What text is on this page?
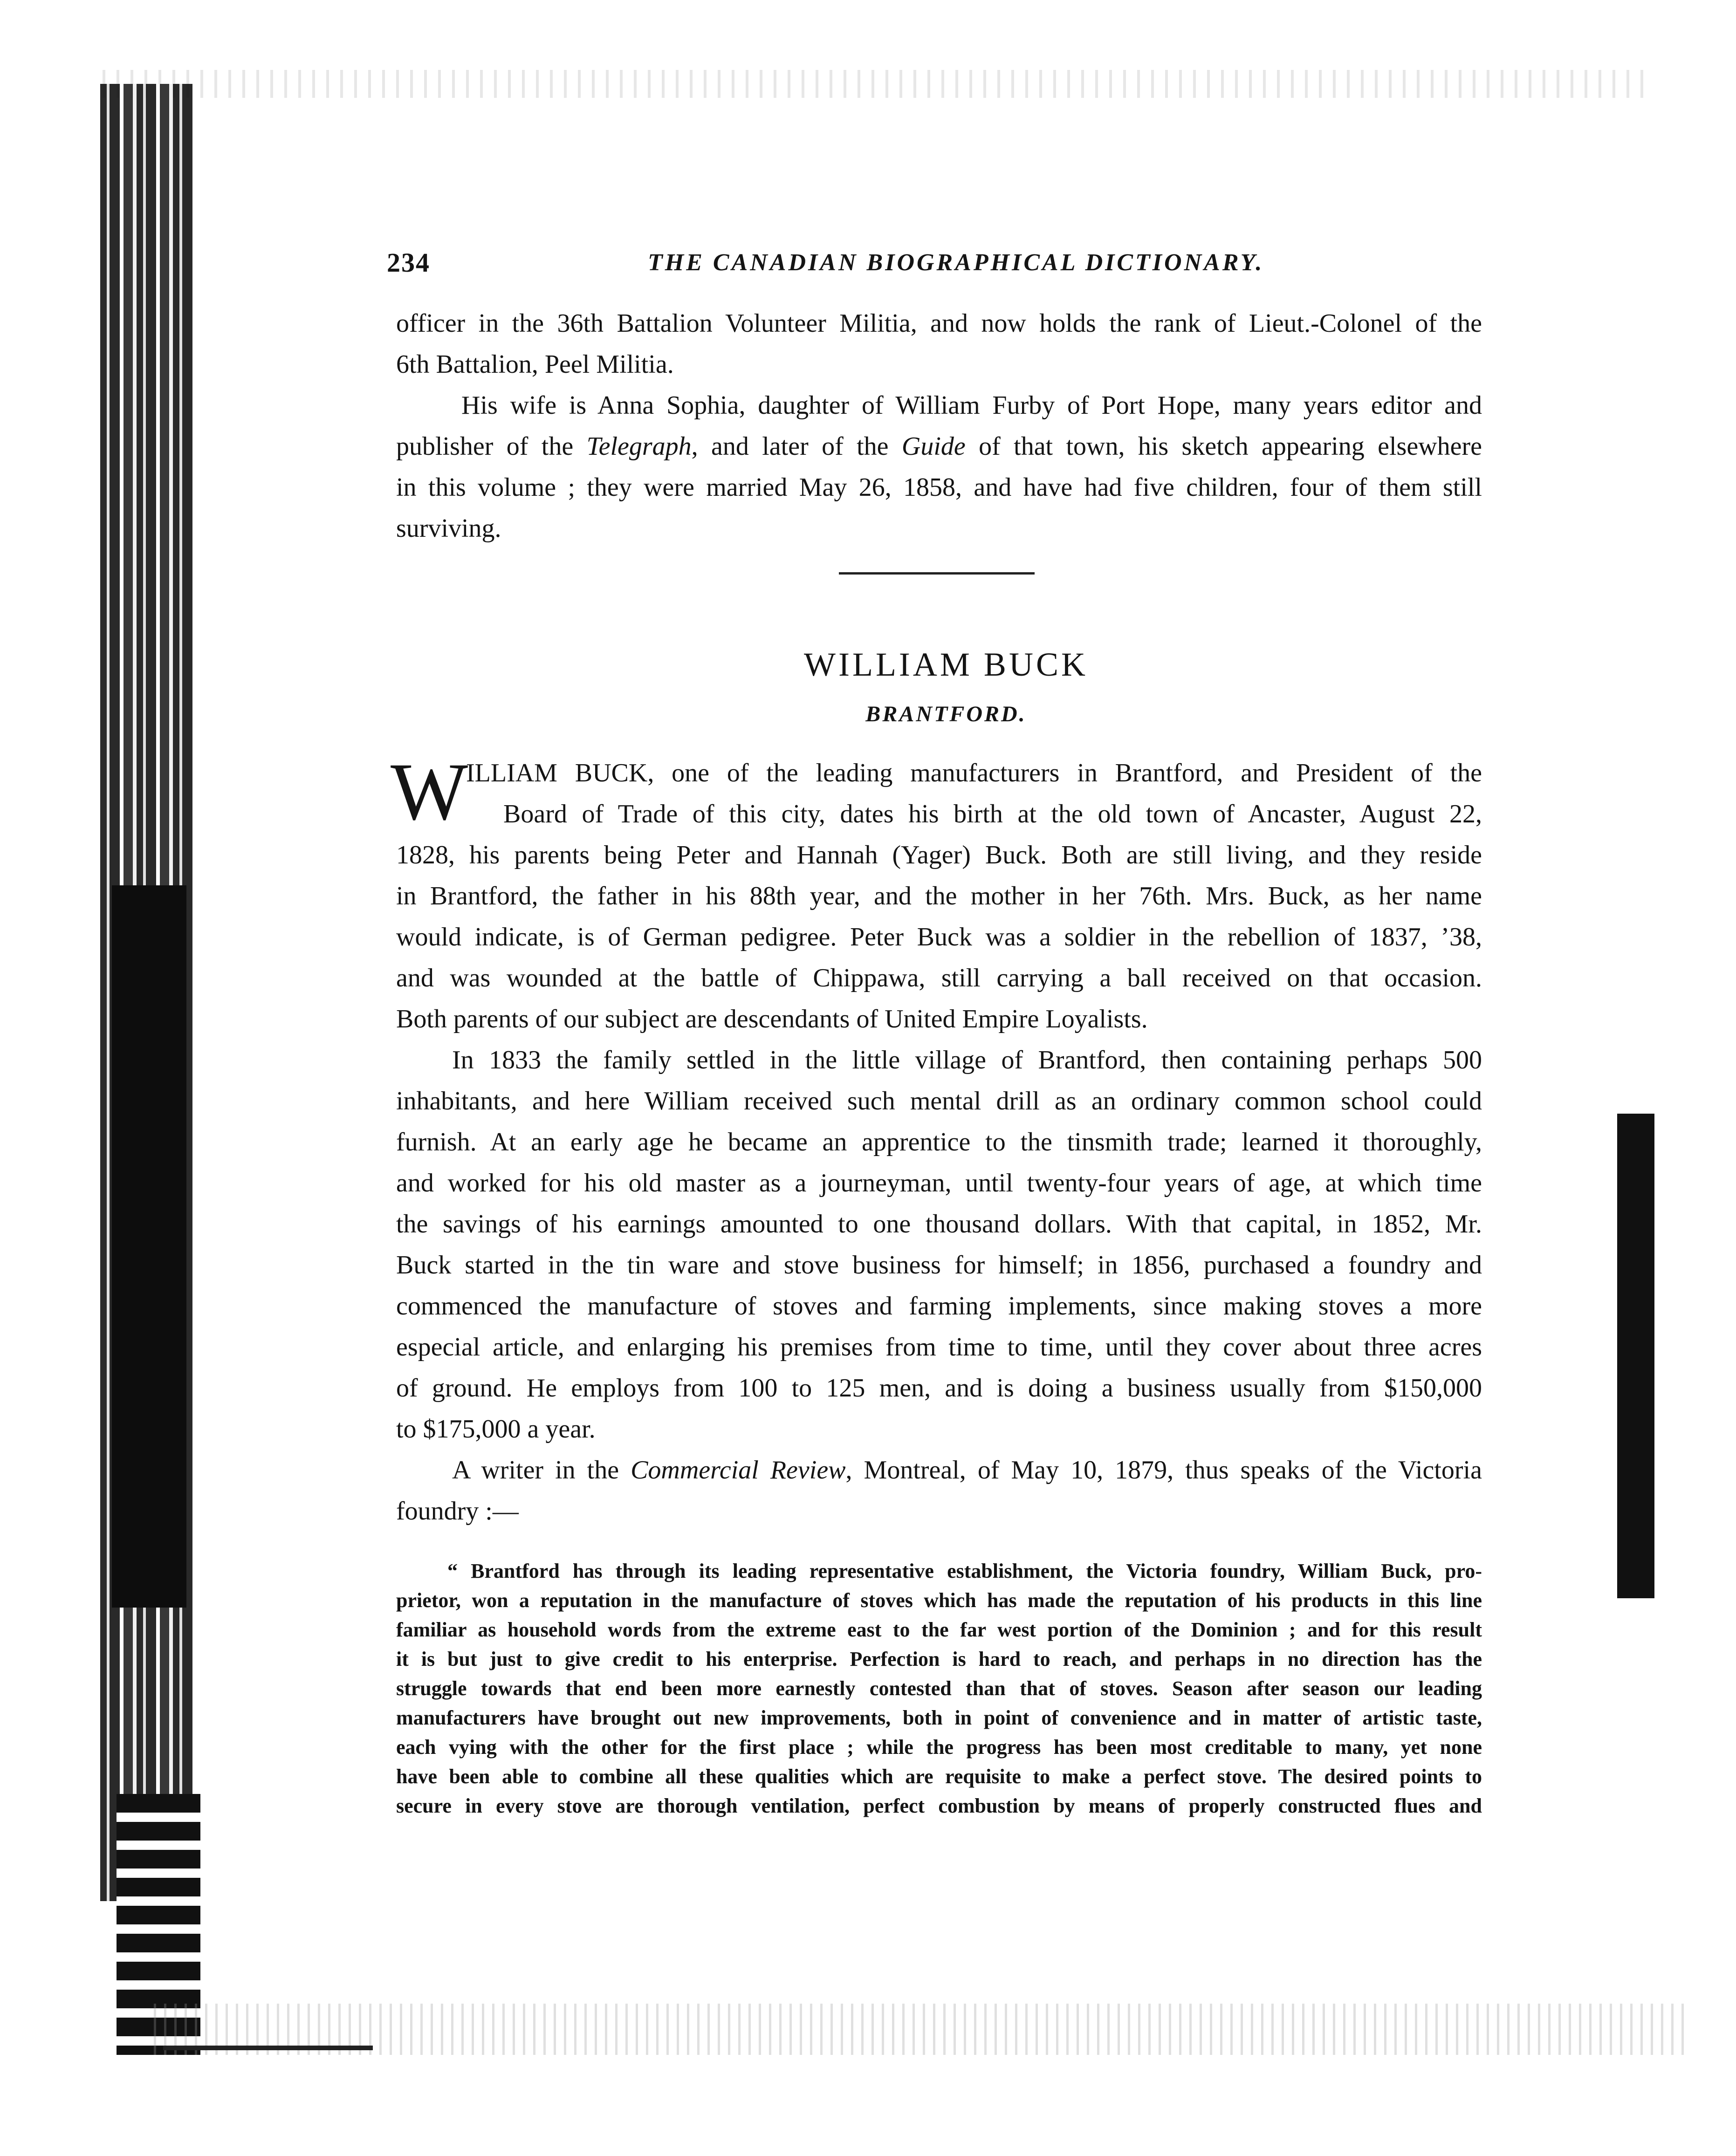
234	THE CANADIAN BIOGRAPHICAL DICTIONARY.
officer in the 36th Battalion Volunteer Militia, and now holds the rank of Lieut.-Colonel of the
6th Battalion, Peel Militia.
His wife is Anna Sophia, daughter of William Furby of Port Hope, many years editor and
publisher of the Telegraph, and later of the Guide of that town, his sketch appearing elsewhere
in this volume ; they were married May 26, 1858, and have had five children, four of them still
surviving.
WILLIAM BUCK
BRANTFORD.
W
ILLIAM BUCK, one of the leading manufacturers in Brantford, and President of the
Board of Trade of this city, dates his birth at the old town of Ancaster, August 22,
1828, his parents being Peter and Hannah (Yager) Buck. Both are still living, and they reside
in Brantford, the father in his 88th year, and the mother in her 76th. Mrs. Buck, as her name
would indicate, is of German pedigree. Peter Buck was a soldier in the rebellion of 1837, ’38,
and was wounded at the battle of Chippawa, still carrying a ball received on that occasion.
Both parents of our subject are descendants of United Empire Loyalists.
In 1833 the family settled in the little village of Brantford, then containing perhaps 500
inhabitants, and here William received such mental drill as an ordinary common school could
furnish. At an early age he became an apprentice to the tinsmith trade; learned it thoroughly,
and worked for his old master as a journeyman, until twenty-four years of age, at which time
the savings of his earnings amounted to one thousand dollars. With that capital, in 1852, Mr.
Buck started in the tin ware and stove business for himself; in 1856, purchased a foundry and
commenced the manufacture of stoves and farming implements, since making stoves a more
especial article, and enlarging his premises from time to time, until they cover about three acres
of ground. He employs from 100 to 125 men, and is doing a business usually from $150,000
to $175,000 a year.
A writer in the Commercial Review, Montreal, of May 10, 1879, thus speaks of the Victoria
foundry :—
“ Brantford has through its leading representative establishment, the Victoria foundry, William Buck, pro-
prietor, won a reputation in the manufacture of stoves which has made the reputation of his products in this line
familiar as household words from the extreme east to the far west portion of the Dominion ; and for this result
it is but just to give credit to his enterprise. Perfection is hard to reach, and perhaps in no direction has the
struggle towards that end been more earnestly contested than that of stoves. Season after season our leading
manufacturers have brought out new improvements, both in point of convenience and in matter of artistic taste,
each vying with the other for the first place ; while the progress has been most creditable to many, yet none
have been able to combine all these qualities which are requisite to make a perfect stove. The desired points to
secure in every stove are thorough ventilation, perfect combustion by means of properly constructed flues and
